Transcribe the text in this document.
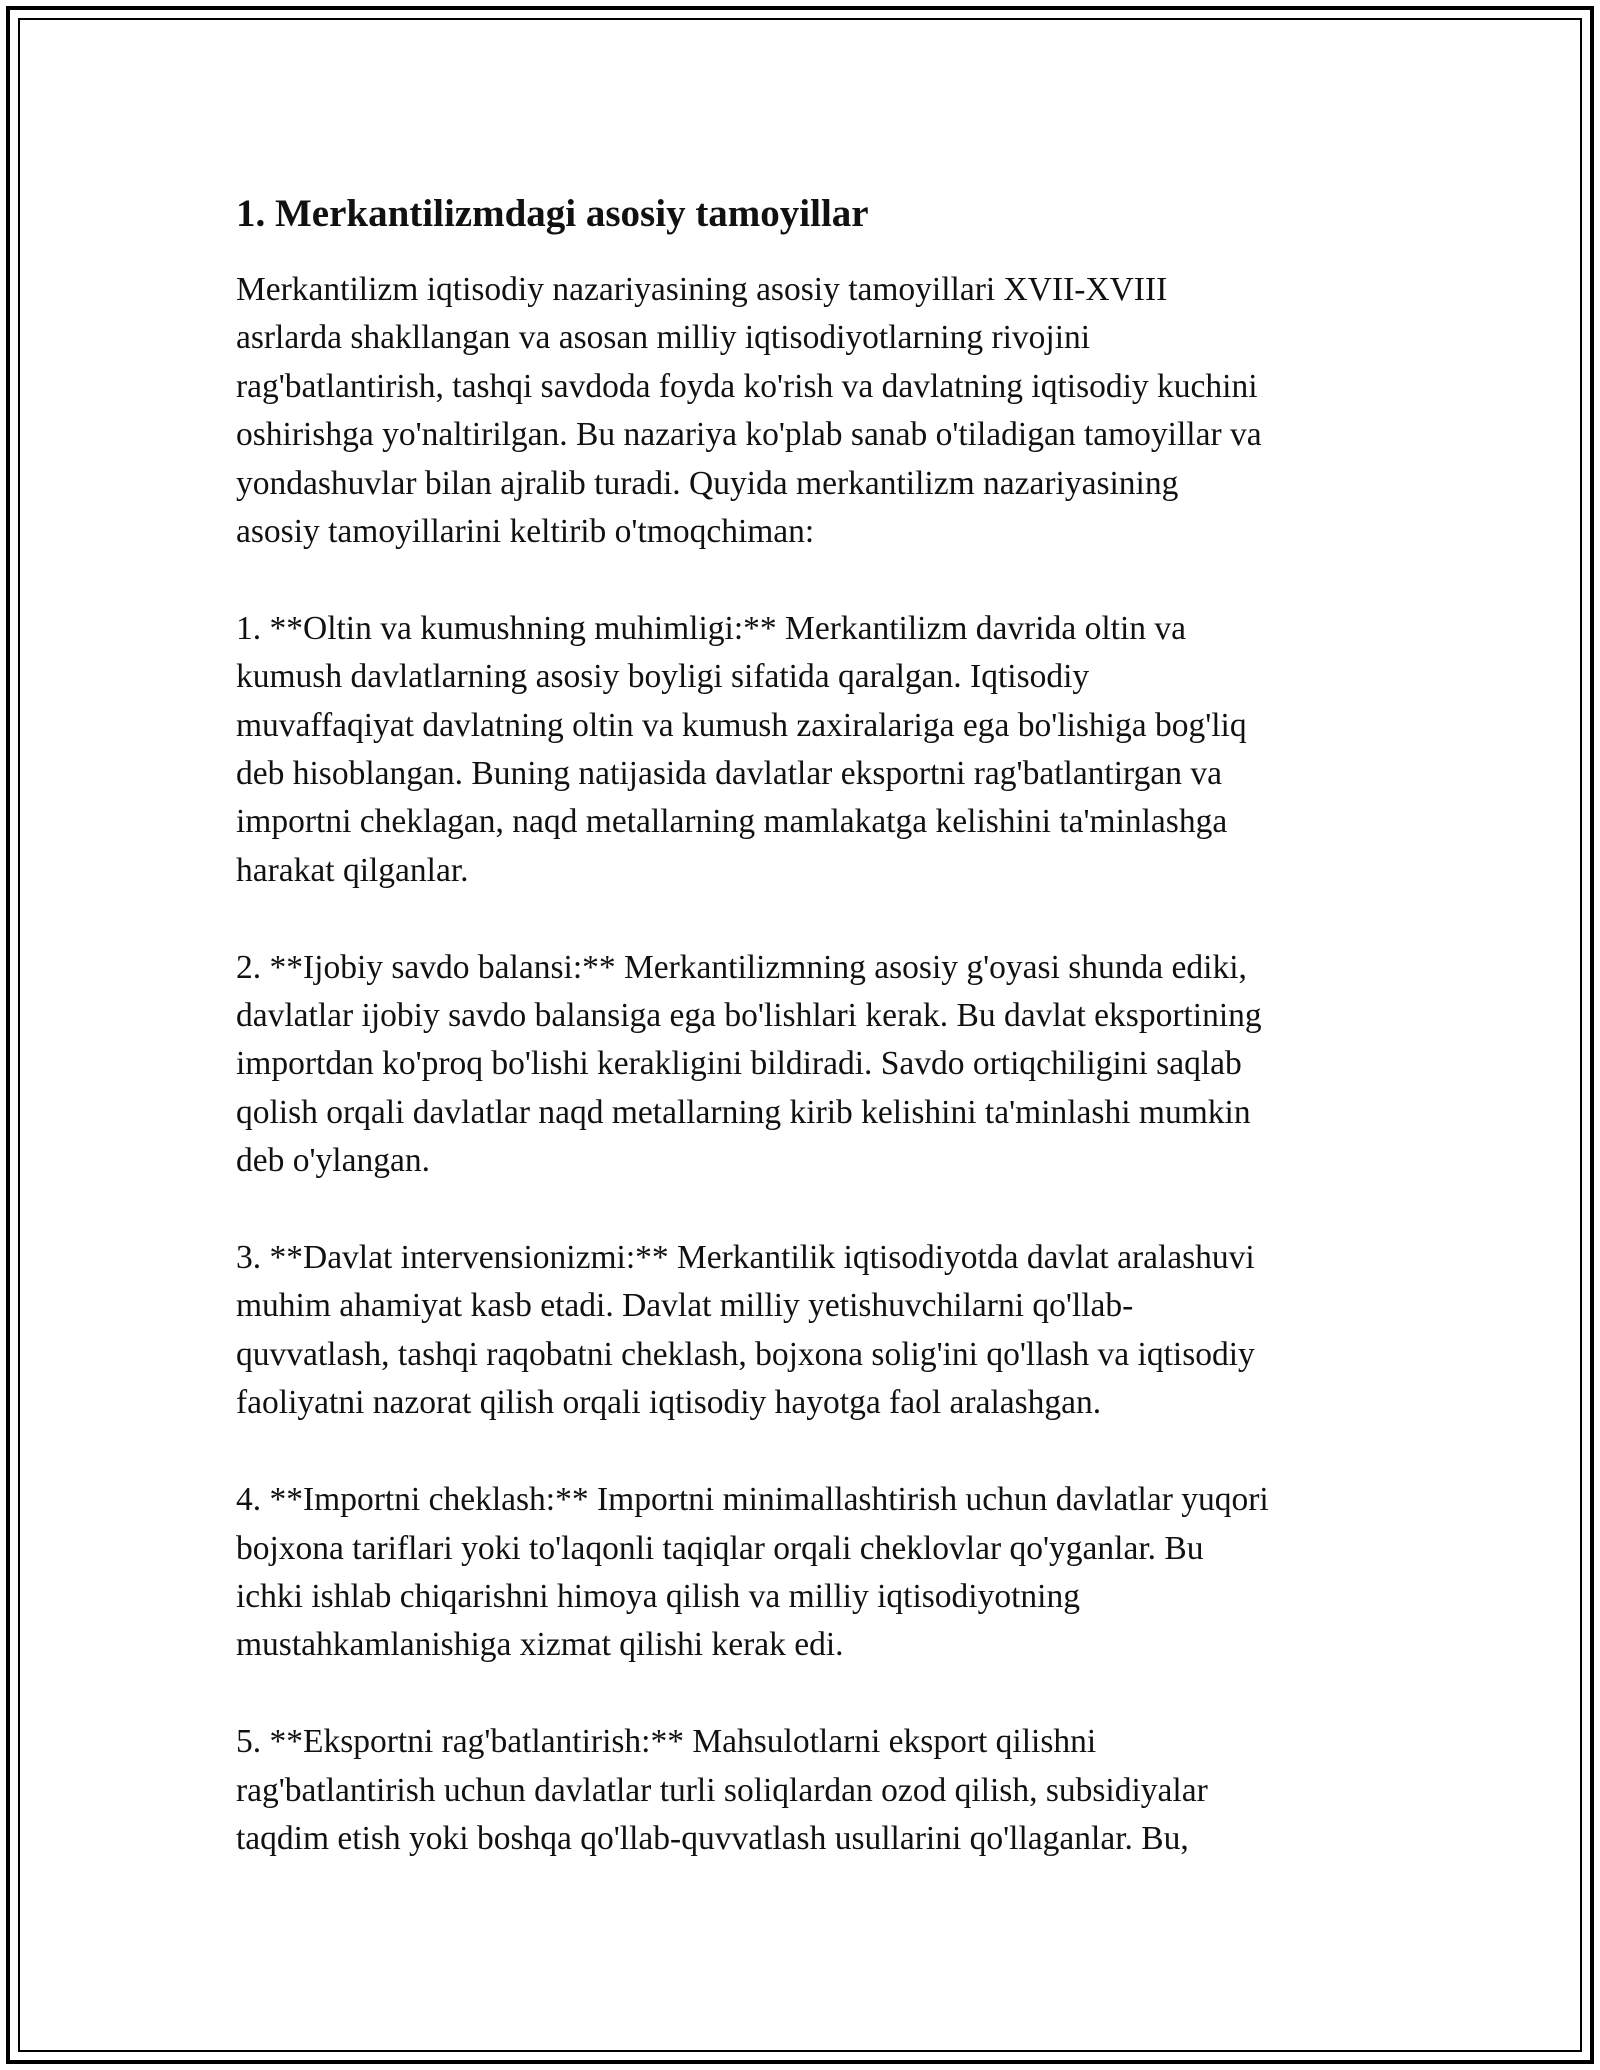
1. Merkantilizmdagi asosiy tamoyillar

Merkantilizm iqtisodiy nazariyasining asosiy tamoyillari XVII-XVIII
asrlarda shakllangan va asosan milliy iqtisodiyotlarning rivojini
rag'batlantirish, tashqi savdoda foyda ko'rish va davlatning iqtisodiy kuchini
oshirishga yo'naltirilgan. Bu nazariya ko'plab sanab o'tiladigan tamoyillar va
yondashuvlar bilan ajralib turadi. Quyida merkantilizm nazariyasining
asosiy tamoyillarini keltirib o'tmoqchiman:

1. **Oltin va kumushning muhimligi:** Merkantilizm davrida oltin va
kumush davlatlarning asosiy boyligi sifatida qaralgan. Iqtisodiy
muvaffaqiyat davlatning oltin va kumush zaxiralariga ega bo'lishiga bog'liq
deb hisoblangan. Buning natijasida davlatlar eksportni rag'batlantirgan va
importni cheklagan, naqd metallarning mamlakatga kelishini ta'minlashga
harakat qilganlar.

2. **Ijobiy savdo balansi:** Merkantilizmning asosiy g'oyasi shunda ediki,
davlatlar ijobiy savdo balansiga ega bo'lishlari kerak. Bu davlat eksportining
importdan ko'proq bo'lishi kerakligini bildiradi. Savdo ortiqchiligini saqlab
qolish orqali davlatlar naqd metallarning kirib kelishini ta'minlashi mumkin
deb o'ylangan.

3. **Davlat intervensionizmi:** Merkantilik iqtisodiyotda davlat aralashuvi
muhim ahamiyat kasb etadi. Davlat milliy yetishuvchilarni qo'llab-
quvvatlash, tashqi raqobatni cheklash, bojxona solig'ini qo'llash va iqtisodiy
faoliyatni nazorat qilish orqali iqtisodiy hayotga faol aralashgan.

4. **Importni cheklash:** Importni minimallashtirish uchun davlatlar yuqori
bojxona tariflari yoki to'laqonli taqiqlar orqali cheklovlar qo'yganlar. Bu
ichki ishlab chiqarishni himoya qilish va milliy iqtisodiyotning
mustahkamlanishiga xizmat qilishi kerak edi.

5. **Eksportni rag'batlantirish:** Mahsulotlarni eksport qilishni
rag'batlantirish uchun davlatlar turli soliqlardan ozod qilish, subsidiyalar
taqdim etish yoki boshqa qo'llab-quvvatlash usullarini qo'llaganlar. Bu,
